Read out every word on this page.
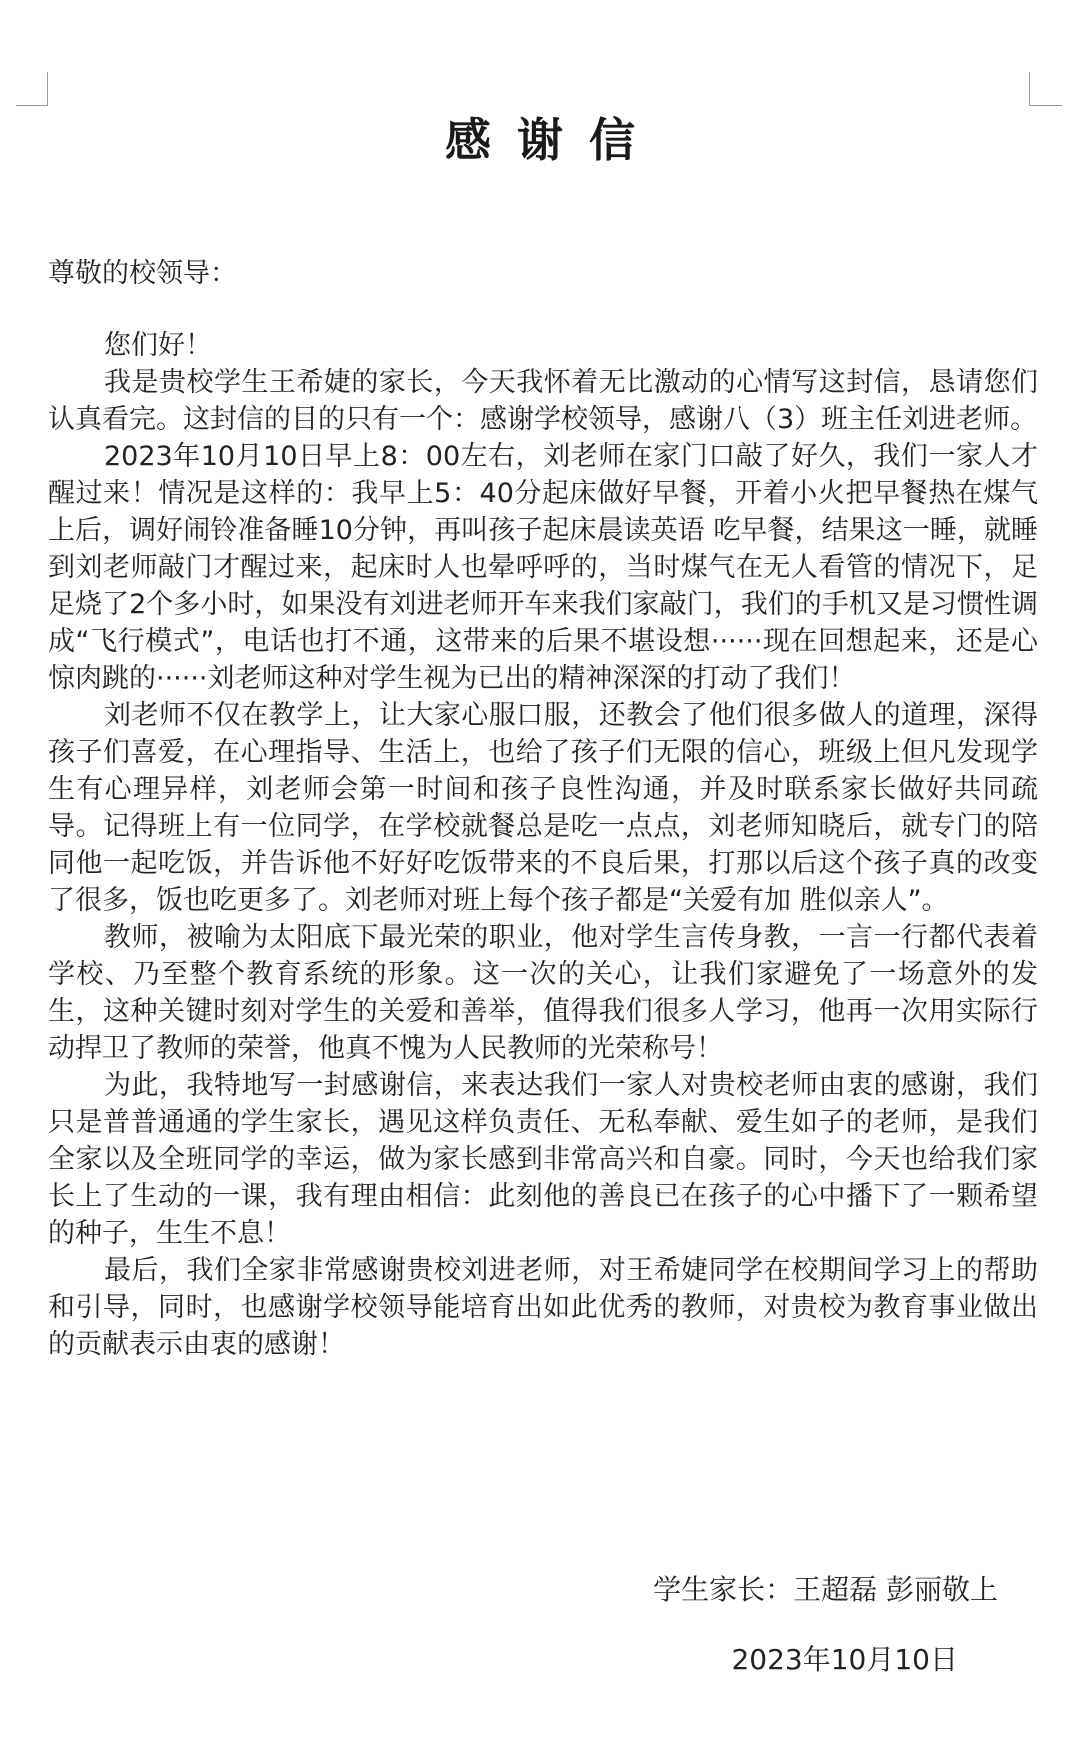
感谢信
尊敬的校领导：

您们好！

我是贵校学生王希婕的家长，今天我怀着无比激动的心情写这封信，恳请您们认真看完。这封信的目的只有一个：感谢学校领导，感谢八（3）班主任刘进老师。

2023年10月10日早上8：00左右，刘老师在家门口敲了好久，我们一家人才醒过来！情况是这样的：我早上5：40分起床做好早餐，开着小火把早餐热在煤气上后，调好闹铃准备睡10分钟，再叫孩子起床晨读英语 吃早餐，结果这一睡，就睡到刘老师敲门才醒过来，起床时人也晕呼呼的，当时煤气在无人看管的情况下，足足烧了2个多小时，如果没有刘进老师开车来我们家敲门，我们的手机又是习惯性调成“飞行模式”，电话也打不通，这带来的后果不堪设想······现在回想起来，还是心惊肉跳的······刘老师这种对学生视为已出的精神深深的打动了我们！

刘老师不仅在教学上，让大家心服口服，还教会了他们很多做人的道理，深得孩子们喜爱，在心理指导、生活上，也给了孩子们无限的信心，班级上但凡发现学生有心理异样，刘老师会第一时间和孩子良性沟通，并及时联系家长做好共同疏导。记得班上有一位同学，在学校就餐总是吃一点点，刘老师知晓后，就专门的陪同他一起吃饭，并告诉他不好好吃饭带来的不良后果，打那以后这个孩子真的改变了很多，饭也吃更多了。刘老师对班上每个孩子都是“关爱有加 胜似亲人”。

教师，被喻为太阳底下最光荣的职业，他对学生言传身教，一言一行都代表着学校、乃至整个教育系统的形象。这一次的关心，让我们家避免了一场意外的发生，这种关键时刻对学生的关爱和善举，值得我们很多人学习，他再一次用实际行动捍卫了教师的荣誉，他真不愧为人民教师的光荣称号！

为此，我特地写一封感谢信，来表达我们一家人对贵校老师由衷的感谢，我们只是普普通通的学生家长，遇见这样负责任、无私奉献、爱生如子的老师，是我们全家以及全班同学的幸运，做为家长感到非常高兴和自豪。同时，今天也给我们家长上了生动的一课，我有理由相信：此刻他的善良已在孩子的心中播下了一颗希望的种子，生生不息！

最后，我们全家非常感谢贵校刘进老师，对王希婕同学在校期间学习上的帮助和引导，同时，也感谢学校领导能培育出如此优秀的教师，对贵校为教育事业做出的贡献表示由衷的感谢！

学生家长：王超磊 彭丽敬上
2023年10月10日
